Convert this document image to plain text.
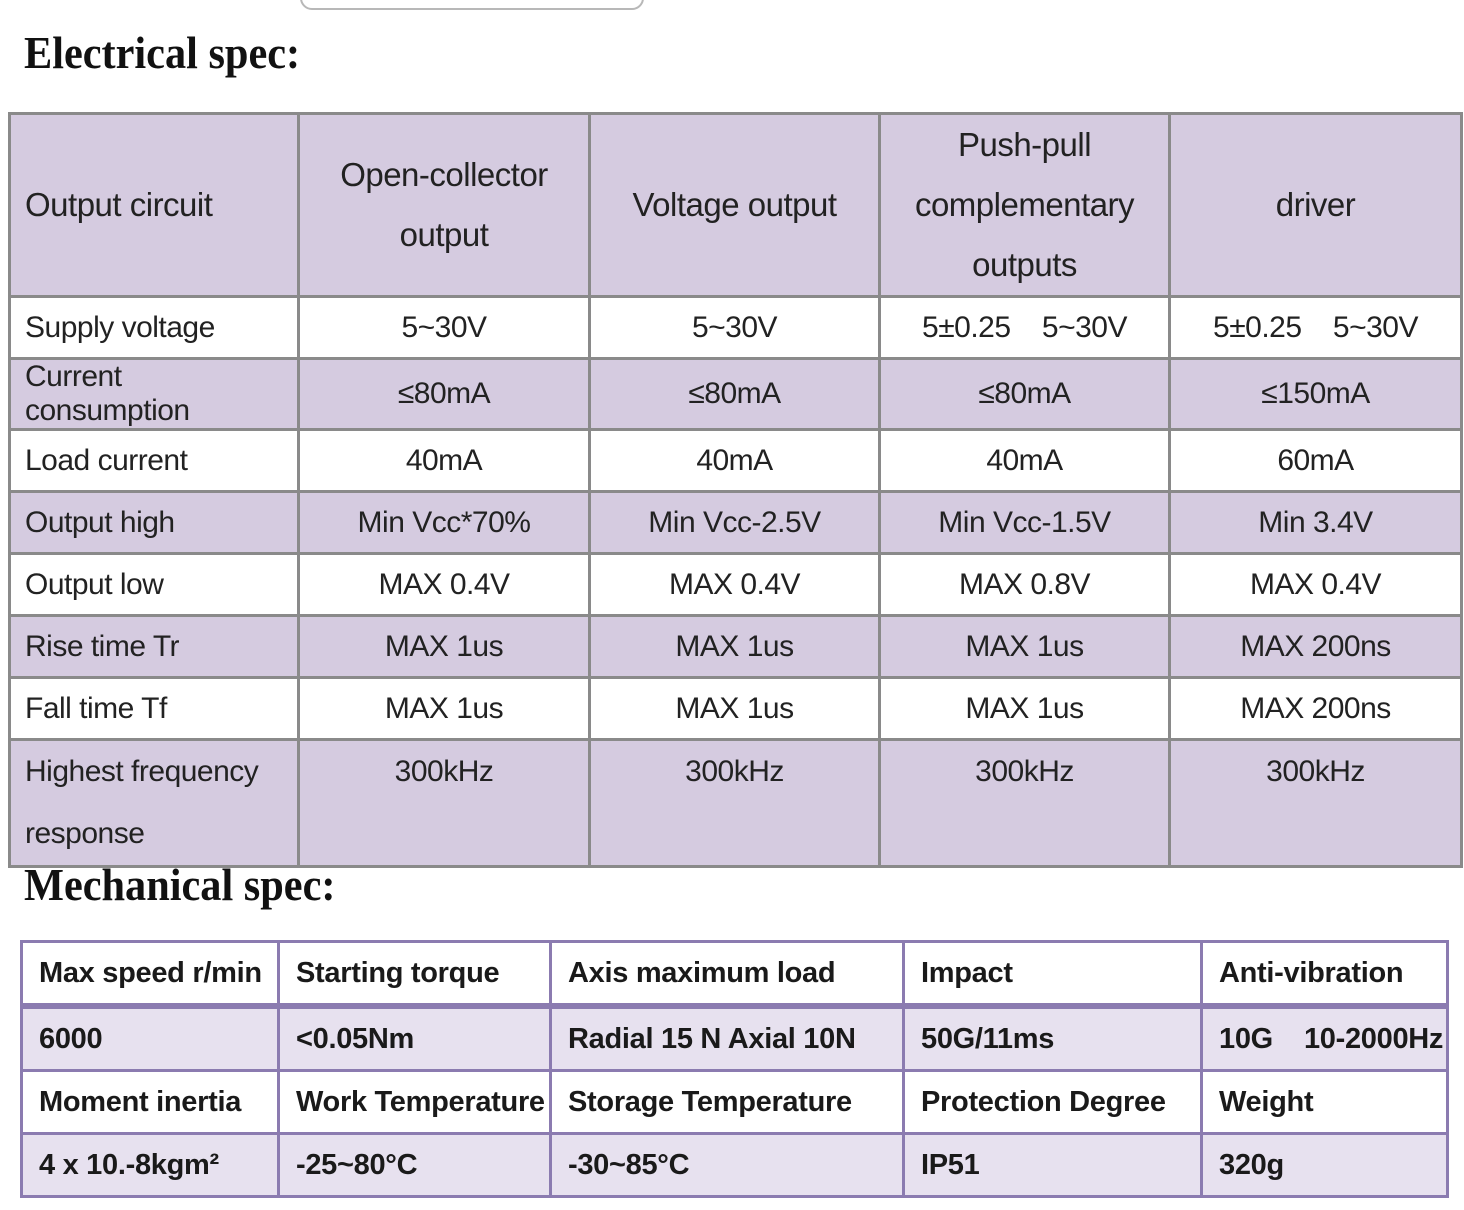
Electrical spec:
Output circuit	Open-collector output	Voltage output	Push-pull complementary outputs	driver
Supply voltage	5~30V	5~30V	5±0.25    5~30V	5±0.25    5~30V
Current consumption	≤80mA	≤80mA	≤80mA	≤150mA
Load current	40mA	40mA	40mA	60mA
Output high	Min Vcc*70%	Min Vcc-2.5V	Min Vcc-1.5V	Min 3.4V
Output low	MAX 0.4V	MAX 0.4V	MAX 0.8V	MAX 0.4V
Rise time Tr	MAX 1us	MAX 1us	MAX 1us	MAX 200ns
Fall time Tf	MAX 1us	MAX 1us	MAX 1us	MAX 200ns
Highest frequency response	300kHz	300kHz	300kHz	300kHz
Mechanical spec:
Max speed r/min	Starting torque	Axis maximum load	Impact	Anti-vibration
6000	<0.05Nm	Radial 15 N Axial 10N	50G/11ms	10G    10-2000Hz
Moment inertia	Work Temperature	Storage Temperature	Protection Degree	Weight
4 x 10.-8kgm²	-25~80°C	-30~85°C	IP51	320g
